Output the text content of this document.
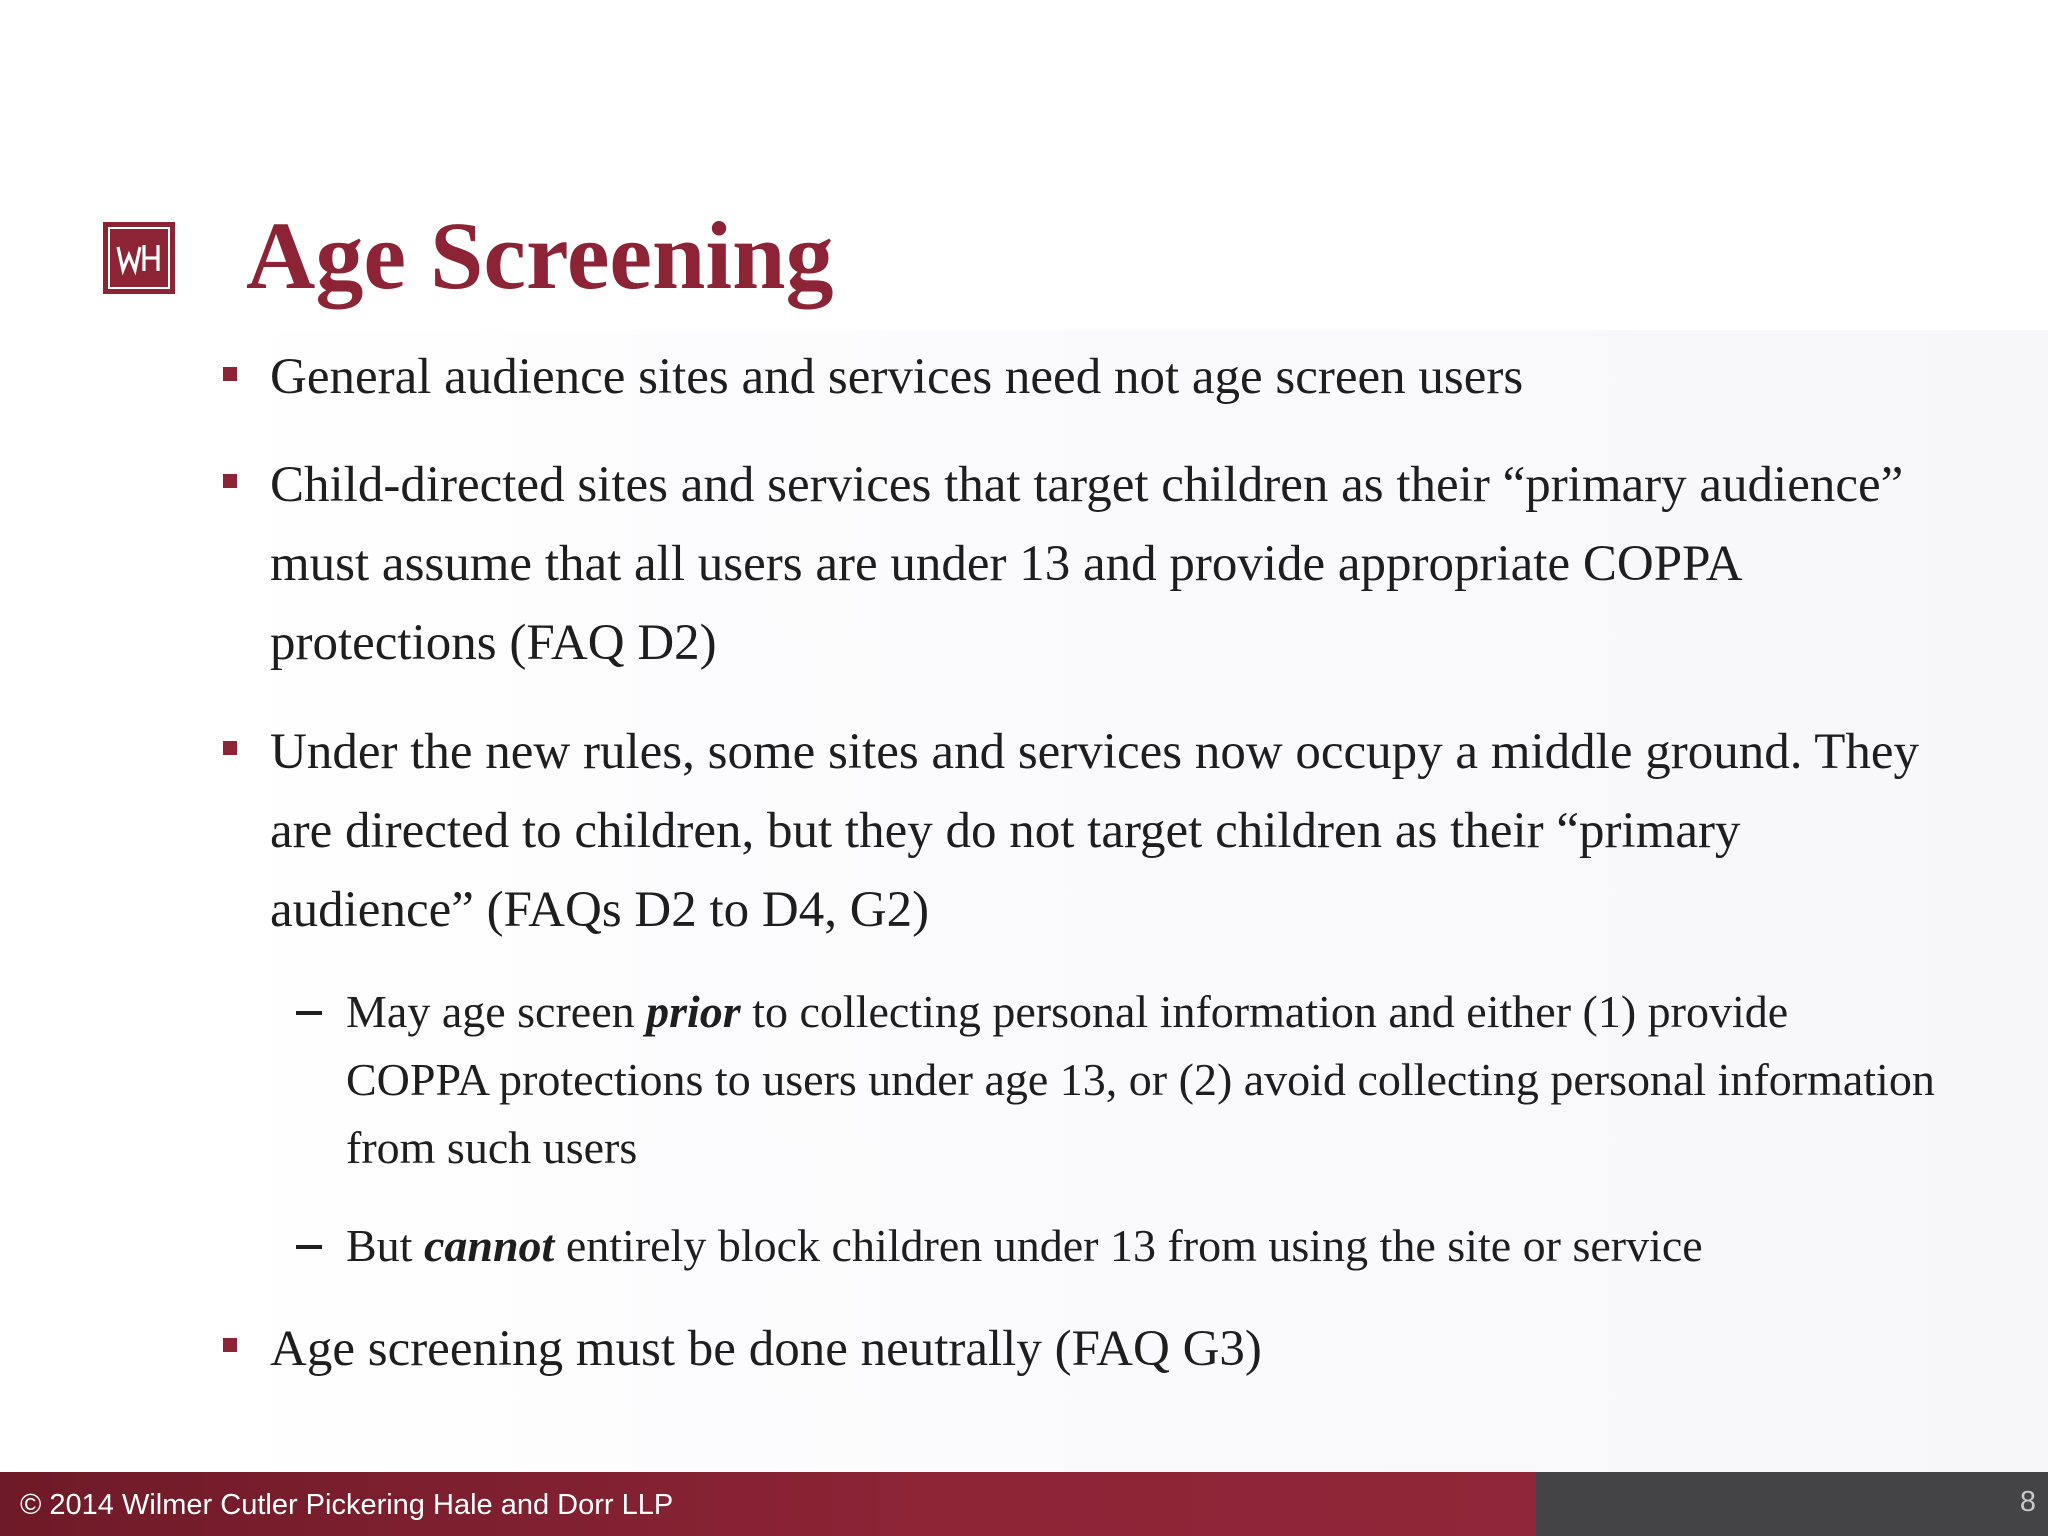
Age Screening
General audience sites and services need not age screen users
Child-directed sites and services that target children as their “primary audience” must assume that all users are under 13 and provide appropriate COPPA protections (FAQ D2)
Under the new rules, some sites and services now occupy a middle ground. They are directed to children, but they do not target children as their “primary audience” (FAQs D2 to D4, G2)
May age screen prior to collecting personal information and either (1) provide COPPA protections to users under age 13, or (2) avoid collecting personal information from such users
But cannot entirely block children under 13 from using the site or service
Age screening must be done neutrally (FAQ G3)
© 2014 Wilmer Cutler Pickering Hale and Dorr LLP	8
